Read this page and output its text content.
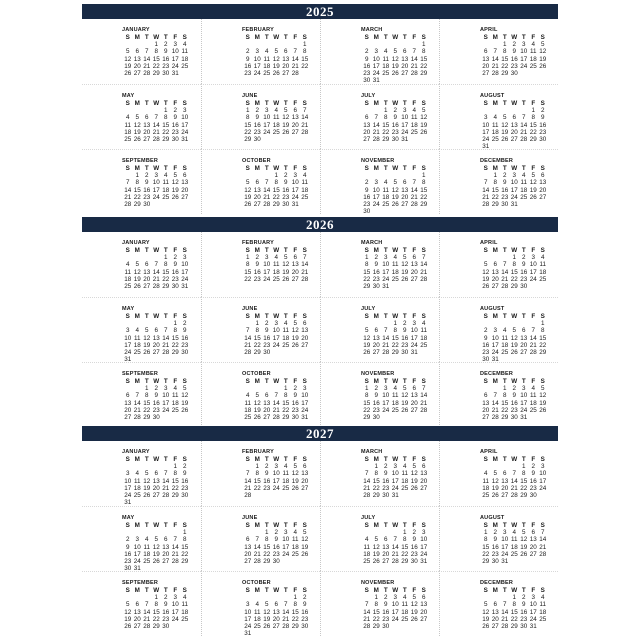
2025
JANUARY
S M T W T F S
1 2 3 4
5 6 7 8 9 10 11
12 13 14 15 16 17 18
19 20 21 22 23 24 25
26 27 28 29 30 31
FEBRUARY
S M T W T F S
1
2 3 4 5 6 7 8
9 10 11 12 13 14 15
16 17 18 19 20 21 22
23 24 25 26 27 28
MARCH
S M T W T F S
1
2 3 4 5 6 7 8
9 10 11 12 13 14 15
16 17 18 19 20 21 22
23 24 25 26 27 28 29
30 31
APRIL
S M T W T F S
1 2 3 4 5
6 7 8 9 10 11 12
13 14 15 16 17 18 19
20 21 22 23 24 25 26
27 28 29 30
MAY
S M T W T F S
1 2 3
4 5 6 7 8 9 10
11 12 13 14 15 16 17
18 19 20 21 22 23 24
25 26 27 28 29 30 31
JUNE
S M T W T F S
1 2 3 4 5 6 7
8 9 10 11 12 13 14
15 16 17 18 19 20 21
22 23 24 25 26 27 28
29 30
JULY
S M T W T F S
1 2 3 4 5
6 7 8 9 10 11 12
13 14 15 16 17 18 19
20 21 22 23 24 25 26
27 28 29 30 31
AUGUST
S M T W T F S
1 2
3 4 5 6 7 8 9
10 11 12 13 14 15 16
17 18 19 20 21 22 23
24 25 26 27 28 29 30
31
SEPTEMBER
S M T W T F S
1 2 3 4 5 6
7 8 9 10 11 12 13
14 15 16 17 18 19 20
21 22 23 24 25 26 27
28 29 30
OCTOBER
S M T W T F S
1 2 3 4
5 6 7 8 9 10 11
12 13 14 15 16 17 18
19 20 21 22 23 24 25
26 27 28 29 30 31
NOVEMBER
S M T W T F S
1
2 3 4 5 6 7 8
9 10 11 12 13 14 15
16 17 18 19 20 21 22
23 24 25 26 27 28 29
30
DECEMBER
S M T W T F S
1 2 3 4 5 6
7 8 9 10 11 12 13
14 15 16 17 18 19 20
21 22 23 24 25 26 27
28 29 30 31
2026
JANUARY
S M T W T F S
1 2 3
4 5 6 7 8 9 10
11 12 13 14 15 16 17
18 19 20 21 22 23 24
25 26 27 28 29 30 31
FEBRUARY
S M T W T F S
1 2 3 4 5 6 7
8 9 10 11 12 13 14
15 16 17 18 19 20 21
22 23 24 25 26 27 28
MARCH
S M T W T F S
1 2 3 4 5 6 7
8 9 10 11 12 13 14
15 16 17 18 19 20 21
22 23 24 25 26 27 28
29 30 31
APRIL
S M T W T F S
1 2 3 4
5 6 7 8 9 10 11
12 13 14 15 16 17 18
19 20 21 22 23 24 25
26 27 28 29 30
MAY
S M T W T F S
1 2
3 4 5 6 7 8 9
10 11 12 13 14 15 16
17 18 19 20 21 22 23
24 25 26 27 28 29 30
31
JUNE
S M T W T F S
1 2 3 4 5 6
7 8 9 10 11 12 13
14 15 16 17 18 19 20
21 22 23 24 25 26 27
28 29 30
JULY
S M T W T F S
1 2 3 4
5 6 7 8 9 10 11
12 13 14 15 16 17 18
19 20 21 22 23 24 25
26 27 28 29 30 31
AUGUST
S M T W T F S
1
2 3 4 5 6 7 8
9 10 11 12 13 14 15
16 17 18 19 20 21 22
23 24 25 26 27 28 29
30 31
SEPTEMBER
S M T W T F S
1 2 3 4 5
6 7 8 9 10 11 12
13 14 15 16 17 18 19
20 21 22 23 24 25 26
27 28 29 30
OCTOBER
S M T W T F S
1 2 3
4 5 6 7 8 9 10
11 12 13 14 15 16 17
18 19 20 21 22 23 24
25 26 27 28 29 30 31
NOVEMBER
S M T W T F S
1 2 3 4 5 6 7
8 9 10 11 12 13 14
15 16 17 18 19 20 21
22 23 24 25 26 27 28
29 30
DECEMBER
S M T W T F S
1 2 3 4 5
6 7 8 9 10 11 12
13 14 15 16 17 18 19
20 21 22 23 24 25 26
27 28 29 30 31
2027
JANUARY
S M T W T F S
1 2
3 4 5 6 7 8 9
10 11 12 13 14 15 16
17 18 19 20 21 22 23
24 25 26 27 28 29 30
31
FEBRUARY
S M T W T F S
1 2 3 4 5 6
7 8 9 10 11 12 13
14 15 16 17 18 19 20
21 22 23 24 25 26 27
28
MARCH
S M T W T F S
1 2 3 4 5 6
7 8 9 10 11 12 13
14 15 16 17 18 19 20
21 22 23 24 25 26 27
28 29 30 31
APRIL
S M T W T F S
1 2 3
4 5 6 7 8 9 10
11 12 13 14 15 16 17
18 19 20 21 22 23 24
25 26 27 28 29 30
MAY
S M T W T F S
1
2 3 4 5 6 7 8
9 10 11 12 13 14 15
16 17 18 19 20 21 22
23 24 25 26 27 28 29
30 31
JUNE
S M T W T F S
1 2 3 4 5
6 7 8 9 10 11 12
13 14 15 16 17 18 19
20 21 22 23 24 25 26
27 28 29 30
JULY
S M T W T F S
1 2 3
4 5 6 7 8 9 10
11 12 13 14 15 16 17
18 19 20 21 22 23 24
25 26 27 28 29 30 31
AUGUST
S M T W T F S
1 2 3 4 5 6 7
8 9 10 11 12 13 14
15 16 17 18 19 20 21
22 23 24 25 26 27 28
29 30 31
SEPTEMBER
S M T W T F S
1 2 3 4
5 6 7 8 9 10 11
12 13 14 15 16 17 18
19 20 21 22 23 24 25
26 27 28 29 30
OCTOBER
S M T W T F S
1 2
3 4 5 6 7 8 9
10 11 12 13 14 15 16
17 18 19 20 21 22 23
24 25 26 27 28 29 30
31
NOVEMBER
S M T W T F S
1 2 3 4 5 6
7 8 9 10 11 12 13
14 15 16 17 18 19 20
21 22 23 24 25 26 27
28 29 30
DECEMBER
S M T W T F S
1 2 3 4
5 6 7 8 9 10 11
12 13 14 15 16 17 18
19 20 21 22 23 24 25
26 27 28 29 30 31
